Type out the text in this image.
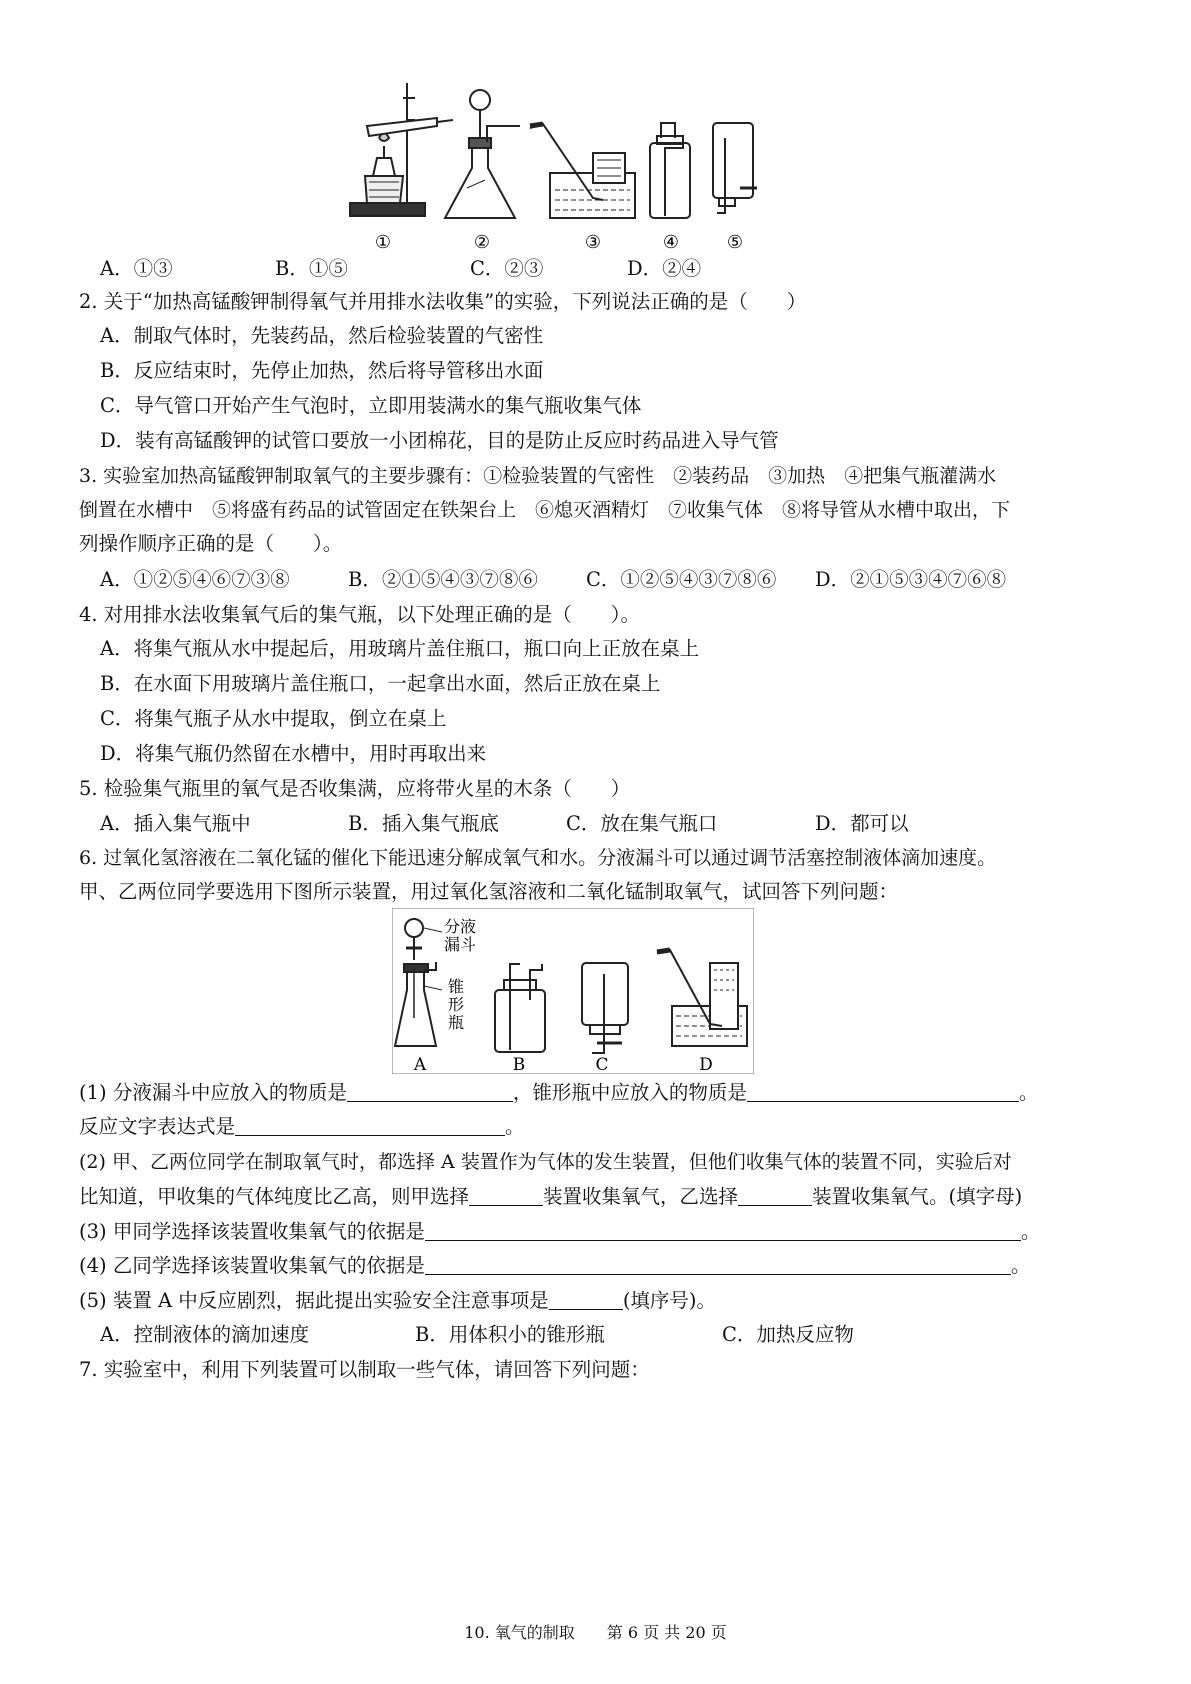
①	②	③	④	⑤
A．①③	B．①⑤	C．②③	D．②④
2. 关于“加热高锰酸钾制得氧气并用排水法收集”的实验，下列说法正确的是（　　）
A．制取气体时，先装药品，然后检验装置的气密性
B．反应结束时，先停止加热，然后将导管移出水面
C．导气管口开始产生气泡时，立即用装满水的集气瓶收集气体
D．装有高锰酸钾的试管口要放一小团棉花，目的是防止反应时药品进入导气管
3. 实验室加热高锰酸钾制取氧气的主要步骤有：①检验装置的气密性　②装药品　③加热　④把集气瓶灌满水
倒置在水槽中　⑤将盛有药品的试管固定在铁架台上　⑥熄灭酒精灯　⑦收集气体　⑧将导管从水槽中取出，下
列操作顺序正确的是（　　）。
A．①②⑤④⑥⑦③⑧	B．②①⑤④③⑦⑧⑥ C．①②⑤④③⑦⑧⑥ D．②①⑤③④⑦⑥⑧
4. 对用排水法收集氧气后的集气瓶，以下处理正确的是（　　）。
A．将集气瓶从水中提起后，用玻璃片盖住瓶口，瓶口向上正放在桌上
B．在水面下用玻璃片盖住瓶口，一起拿出水面，然后正放在桌上
C．将集气瓶子从水中提取，倒立在桌上
D．将集气瓶仍然留在水槽中，用时再取出来
5. 检验集气瓶里的氧气是否收集满，应将带火星的木条（　　）
A．插入集气瓶中	B．插入集气瓶底	C．放在集气瓶口	D．都可以
6. 过氧化氢溶液在二氧化锰的催化下能迅速分解成氧气和水。分液漏斗可以通过调节活塞控制液体滴加速度。
甲、乙两位同学要选用下图所示装置，用过氧化氢溶液和二氧化锰制取氧气，试回答下列问题：
分液
漏斗
锥
形
瓶
A	B	C	D
(1) 分液漏斗中应放入的物质是	，锥形瓶中应放入的物质是	。
反应文字表达式是	。
(2) 甲、乙两位同学在制取氧气时，都选择 A 装置作为气体的发生装置，但他们收集气体的装置不同，实验后对
比知道，甲收集的气体纯度比乙高，则甲选择	装置收集氧气，乙选择	装置收集氧气。(填字母)
(3) 甲同学选择该装置收集氧气的依据是	。
(4) 乙同学选择该装置收集氧气的依据是	。
(5) 装置 A 中反应剧烈，据此提出实验安全注意事项是	(填序号)。
A．控制液体的滴加速度	B．用体积小的锥形瓶	C．加热反应物
7. 实验室中，利用下列装置可以制取一些气体，请回答下列问题：
10. 氧气的制取　　第 6 页 共 20 页
